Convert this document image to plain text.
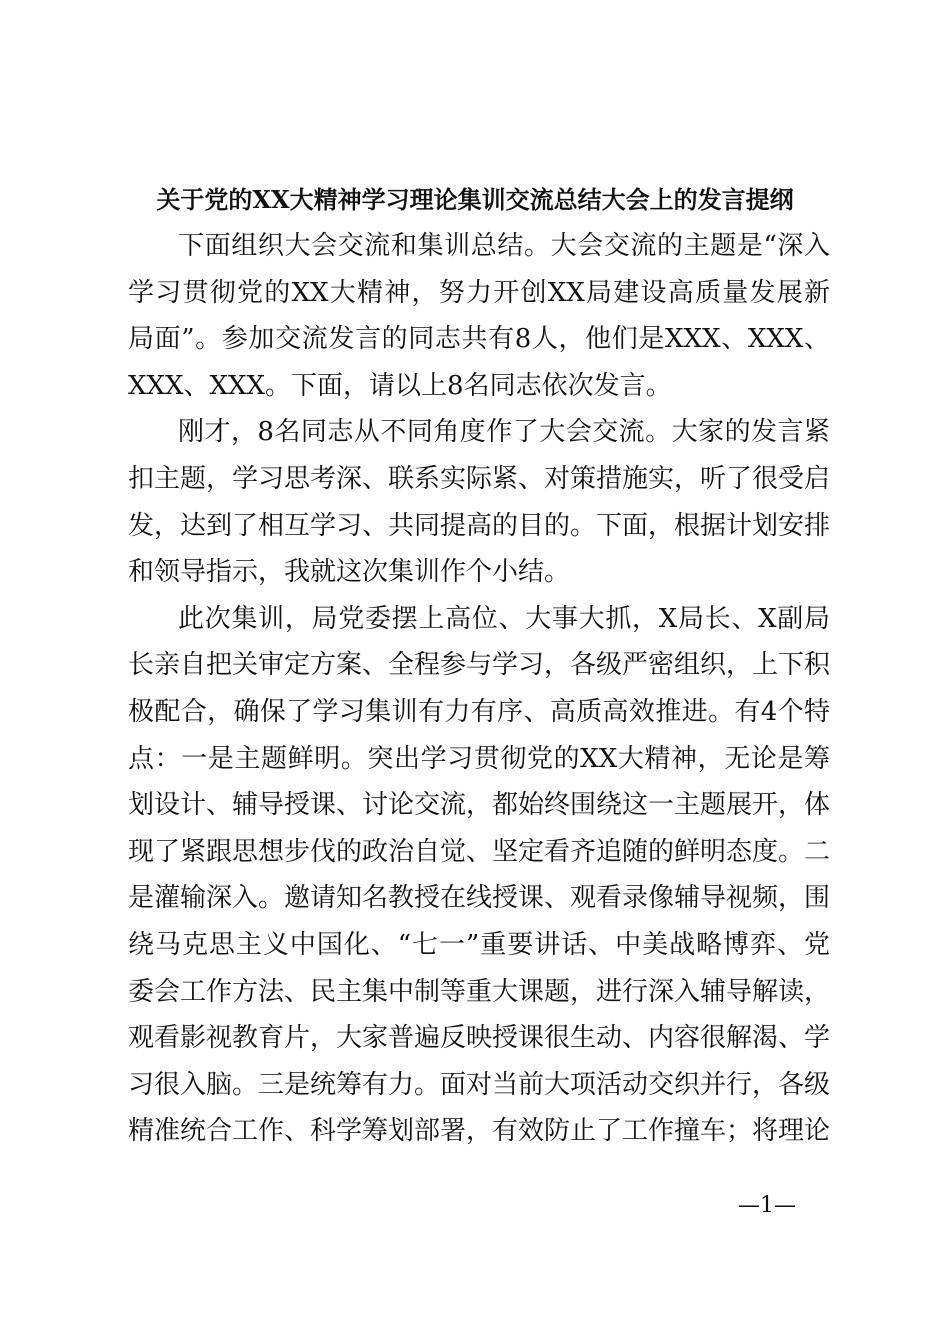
关于党的XX大精神学习理论集训交流总结大会上的发言提纲
下面组织大会交流和集训总结。大会交流的主题是“深入
学习贯彻党的XX大精神，努力开创XX局建设高质量发展新
局面”。参加交流发言的同志共有8人，他们是XXX、XXX、
XXX、XXX。下面，请以上8名同志依次发言。
刚才，8名同志从不同角度作了大会交流。大家的发言紧
扣主题，学习思考深、联系实际紧、对策措施实，听了很受启
发，达到了相互学习、共同提高的目的。下面，根据计划安排
和领导指示，我就这次集训作个小结。
此次集训，局党委摆上高位、大事大抓，X局长、X副局
长亲自把关审定方案、全程参与学习，各级严密组织，上下积
极配合，确保了学习集训有力有序、高质高效推进。有4个特
点：一是主题鲜明。突出学习贯彻党的XX大精神，无论是筹
划设计、辅导授课、讨论交流，都始终围绕这一主题展开，体
现了紧跟思想步伐的政治自觉、坚定看齐追随的鲜明态度。二
是灌输深入。邀请知名教授在线授课、观看录像辅导视频，围
绕马克思主义中国化、“七一”重要讲话、中美战略博弈、党
委会工作方法、民主集中制等重大课题，进行深入辅导解读，
观看影视教育片，大家普遍反映授课很生动、内容很解渴、学
习很入脑。三是统筹有力。面对当前大项活动交织并行，各级
精准统合工作、科学筹划部署，有效防止了工作撞车；将理论
—1—
